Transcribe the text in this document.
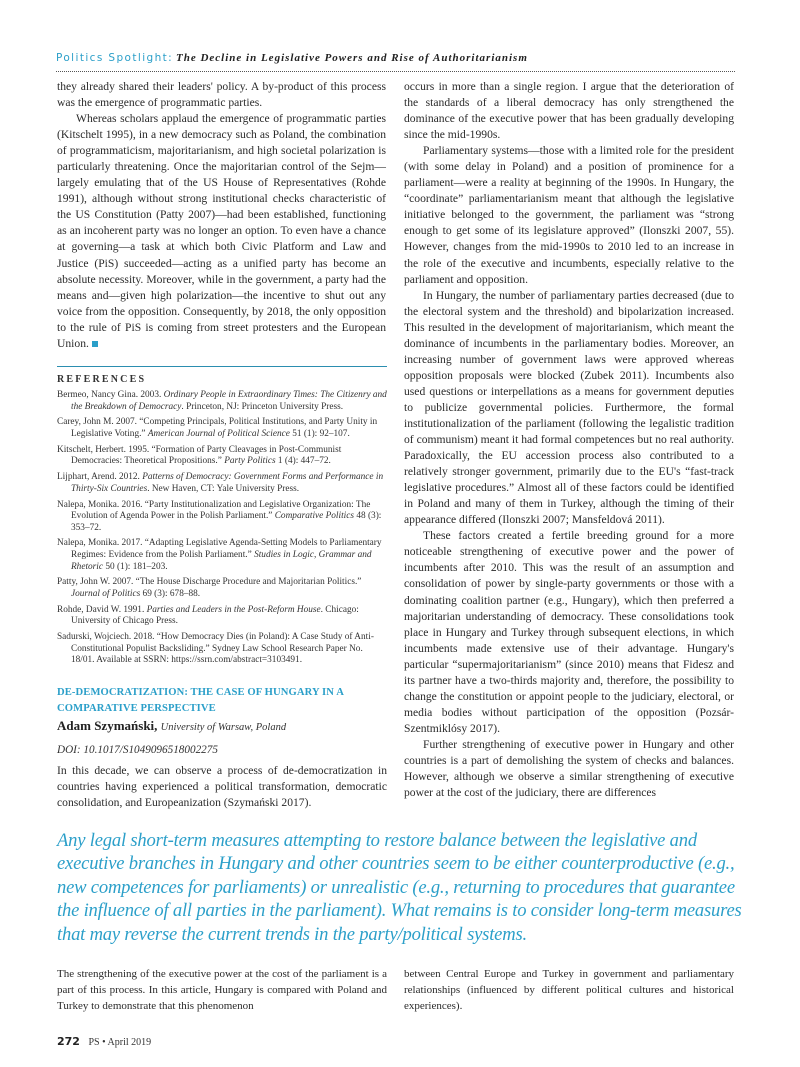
Politics Spotlight: The Decline in Legislative Powers and Rise of Authoritarianism

they already shared their leaders' policy. A by-product of this process was the emergence of programmatic parties.

Whereas scholars applaud the emergence of programmatic parties (Kitschelt 1995), in a new democracy such as Poland, the combination of programmaticism, majoritarianism, and high societal polarization is particularly threatening. Once the majoritarian control of the Sejm—largely emulating that of the US House of Representatives (Rohde 1991), although without strong institutional checks characteristic of the US Constitution (Patty 2007)—had been established, functioning as an incoherent party was no longer an option. To even have a chance at governing—a task at which both Civic Platform and Law and Justice (PiS) succeeded—acting as a unified party has become an absolute necessity. Moreover, while in the government, a party had the means and—given high polarization—the incentive to shut out any voice from the opposition. Consequently, by 2018, the only opposition to the rule of PiS is coming from street protesters and the European Union.

REFERENCES
Bermeo, Nancy Gina. 2003. Ordinary People in Extraordinary Times: The Citizenry and the Breakdown of Democracy. Princeton, NJ: Princeton University Press.
Carey, John M. 2007. “Competing Principals, Political Institutions, and Party Unity in Legislative Voting.” American Journal of Political Science 51 (1): 92–107.
Kitschelt, Herbert. 1995. “Formation of Party Cleavages in Post-Communist Democracies: Theoretical Propositions.” Party Politics 1 (4): 447–72.
Lijphart, Arend. 2012. Patterns of Democracy: Government Forms and Performance in Thirty-Six Countries. New Haven, CT: Yale University Press.
Nalepa, Monika. 2016. “Party Institutionalization and Legislative Organization: The Evolution of Agenda Power in the Polish Parliament.” Comparative Politics 48 (3): 353–72.
Nalepa, Monika. 2017. “Adapting Legislative Agenda-Setting Models to Parliamentary Regimes: Evidence from the Polish Parliament.” Studies in Logic, Grammar and Rhetoric 50 (1): 181–203.
Patty, John W. 2007. “The House Discharge Procedure and Majoritarian Politics.” Journal of Politics 69 (3): 678–88.
Rohde, David W. 1991. Parties and Leaders in the Post-Reform House. Chicago: University of Chicago Press.
Sadurski, Wojciech. 2018. “How Democracy Dies (in Poland): A Case Study of Anti-Constitutional Populist Backsliding.” Sydney Law School Research Paper No. 18/01. Available at SSRN: https://ssrn.com/abstract=3103491.
DE-DEMOCRATIZATION: THE CASE OF HUNGARY IN A COMPARATIVE PERSPECTIVE
Adam Szymański, University of Warsaw, Poland
DOI: 10.1017/S1049096518002275
In this decade, we can observe a process of de-democratization in countries having experienced a political transformation, democratic consolidation, and Europeanization (Szymański 2017).

occurs in more than a single region. I argue that the deterioration of the standards of a liberal democracy has only strengthened the dominance of the executive power that has been gradually developing since the mid-1990s.

Parliamentary systems—those with a limited role for the president (with some delay in Poland) and a position of prominence for a parliament—were a reality at beginning of the 1990s. In Hungary, the “coordinate” parliamentarianism meant that although the legislative initiative belonged to the government, the parliament was “strong enough to get some of its legislature approved” (Ilonszki 2007, 55). However, changes from the mid-1990s to 2010 led to an increase in the role of the executive and incumbents, especially relative to the parliament and opposition.

In Hungary, the number of parliamentary parties decreased (due to the electoral system and the threshold) and bipolarization increased. This resulted in the development of majoritarianism, which meant the dominance of incumbents in the parliamentary bodies. Moreover, an increasing number of government laws were approved whereas opposition proposals were blocked (Zubek 2011). Incumbents also used questions or interpellations as a means for government deputies to publicize governmental policies. Furthermore, the formal institutionalization of the parliament (following the legalistic tradition of communism) meant it had formal competences but no real authority. Paradoxically, the EU accession process also contributed to a relatively stronger government, primarily due to the EU's “fast-track legislative procedures.” Almost all of these factors could be identified in Poland and many of them in Turkey, although the timing of their appearance differed (Ilonszki 2007; Mansfeldová 2011).

These factors created a fertile breeding ground for a more noticeable strengthening of executive power and the power of incumbents after 2010. This was the result of an assumption and consolidation of power by single-party governments or those with a dominating coalition partner (e.g., Hungary), which then preferred a majoritarian understanding of democracy. These consolidations took place in Hungary and Turkey through subsequent elections, in which incumbents made extensive use of their advantage. Hungary's particular “supermajoritarianism” (since 2010) means that Fidesz and its partner have a two-thirds majority and, therefore, the possibility to change the constitution or appoint people to the judiciary, electoral, or media bodies without participation of the opposition (Pozsár-Szentmiklósy 2017).

Further strengthening of executive power in Hungary and other countries is a part of demolishing the system of checks and balances. However, although we observe a similar strengthening of executive power at the cost of the judiciary, there are differences

Any legal short-term measures attempting to restore balance between the legislative and executive branches in Hungary and other countries seem to be either counterproductive (e.g., new competences for parliaments) or unrealistic (e.g., returning to procedures that guarantee the influence of all parties in the parliament). What remains is to consider long-term measures that may reverse the current trends in the party/political systems.
The strengthening of the executive power at the cost of the parliament is a part of this process. In this article, Hungary is compared with Poland and Turkey to demonstrate that this phenomenon
between Central Europe and Turkey in government and parliamentary relationships (influenced by different political cultures and historical experiences).
272 PS • April 2019
